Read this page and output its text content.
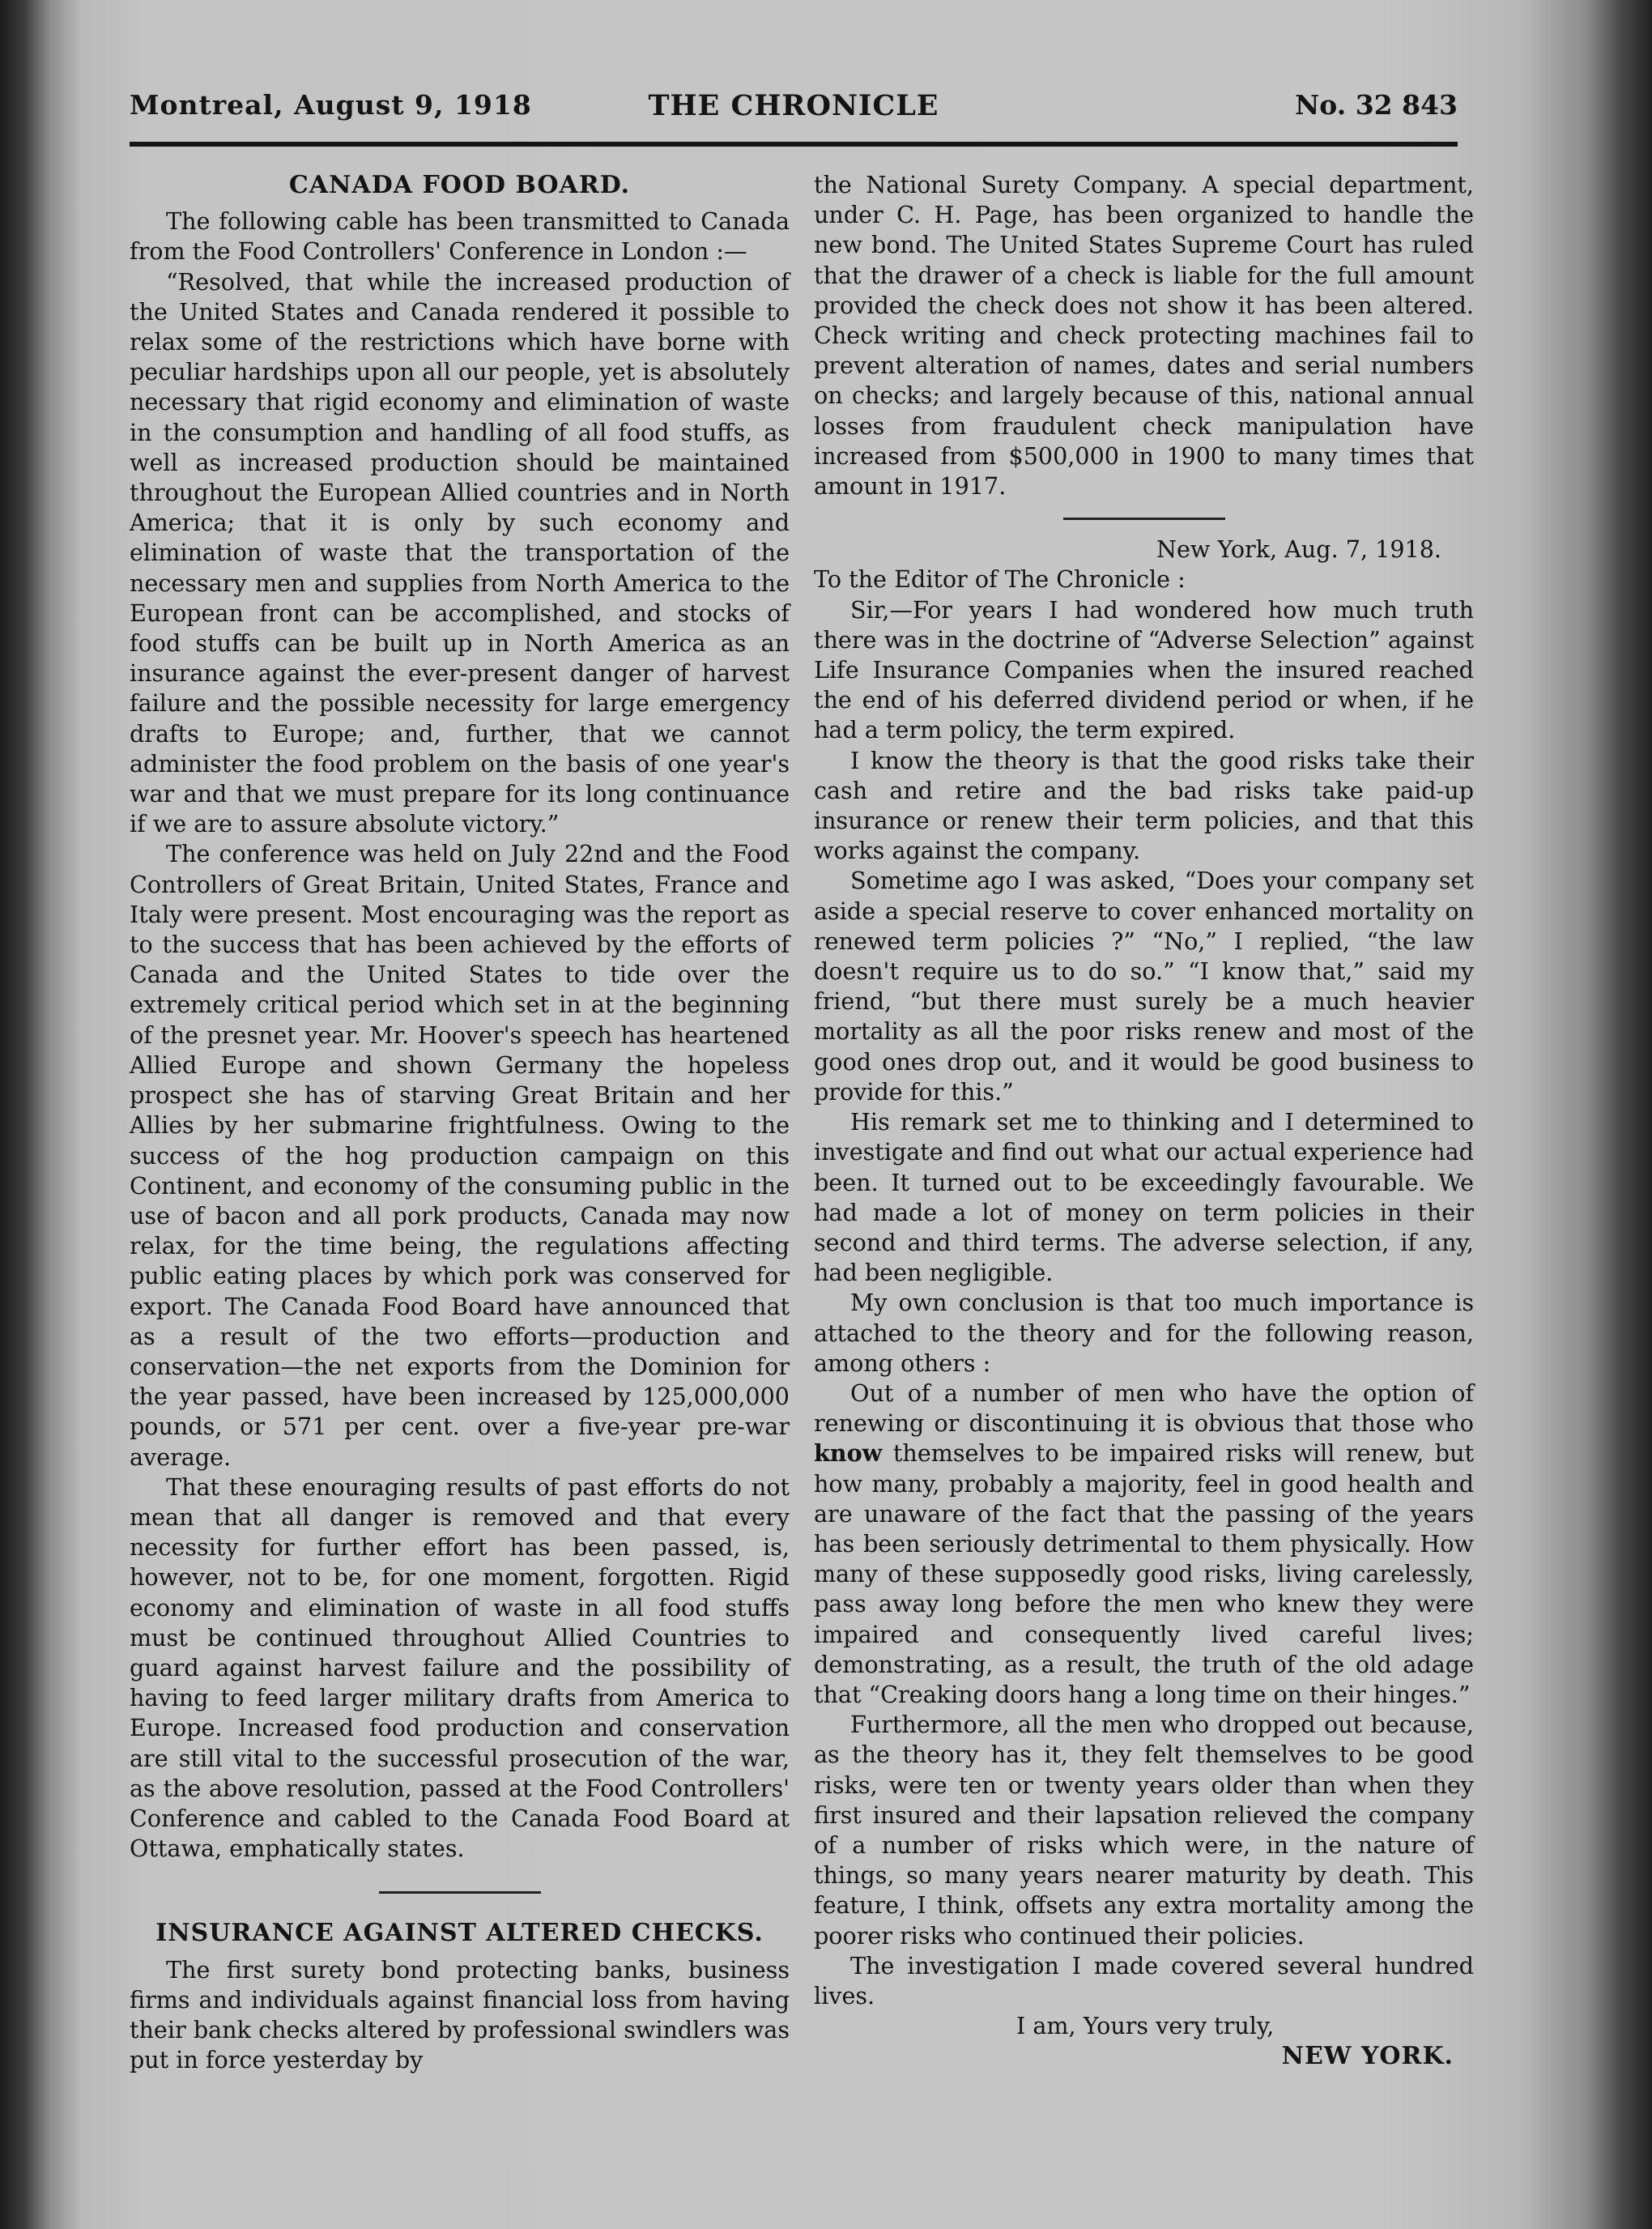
Montreal, August 9, 1918	THE CHRONICLE	No. 32 843
CANADA FOOD BOARD.

The following cable has been transmitted to Canada from the Food Controllers' Conference in London :—

“Resolved, that while the increased production of the United States and Canada rendered it possible to relax some of the restrictions which have borne with peculiar hardships upon all our people, yet is absolutely necessary that rigid economy and elimination of waste in the consumption and handling of all food stuffs, as well as increased production should be maintained throughout the European Allied countries and in North America; that it is only by such economy and elimination of waste that the transportation of the necessary men and supplies from North America to the European front can be accomplished, and stocks of food stuffs can be built up in North America as an insurance against the ever-present danger of harvest failure and the possible necessity for large emergency drafts to Europe; and, further, that we cannot administer the food problem on the basis of one year's war and that we must prepare for its long continuance if we are to assure absolute victory.”

The conference was held on July 22nd and the Food Controllers of Great Britain, United States, France and Italy were present. Most encouraging was the report as to the success that has been achieved by the efforts of Canada and the United States to tide over the extremely critical period which set in at the beginning of the presnet year. Mr. Hoover's speech has heartened Allied Europe and shown Germany the hopeless prospect she has of starving Great Britain and her Allies by her submarine frightfulness. Owing to the success of the hog production campaign on this Continent, and economy of the consuming public in the use of bacon and all pork products, Canada may now relax, for the time being, the regulations affecting public eating places by which pork was conserved for export. The Canada Food Board have announced that as a result of the two efforts—production and conservation—the net exports from the Dominion for the year passed, have been increased by 125,000,000 pounds, or 571 per cent. over a five-year pre-war average.

That these enouraging results of past efforts do not mean that all danger is removed and that every necessity for further effort has been passed, is, however, not to be, for one moment, forgotten. Rigid economy and elimination of waste in all food stuffs must be continued throughout Allied Countries to guard against harvest failure and the possibility of having to feed larger military drafts from America to Europe. Increased food production and conservation are still vital to the successful prosecution of the war, as the above resolution, passed at the Food Controllers' Conference and cabled to the Canada Food Board at Ottawa, emphatically states.

INSURANCE AGAINST ALTERED CHECKS.

The first surety bond protecting banks, business firms and individuals against financial loss from having their bank checks altered by professional swindlers was put in force yesterday by

the National Surety Company. A special department, under C. H. Page, has been organized to handle the new bond. The United States Supreme Court has ruled that the drawer of a check is liable for the full amount provided the check does not show it has been altered. Check writing and check protecting machines fail to prevent alteration of names, dates and serial numbers on checks; and largely because of this, national annual losses from fraudulent check manipulation have increased from $500,000 in 1900 to many times that amount in 1917.

New York, Aug. 7, 1918.

To the Editor of The Chronicle :

Sir,—For years I had wondered how much truth there was in the doctrine of “Adverse Selection” against Life Insurance Companies when the insured reached the end of his deferred dividend period or when, if he had a term policy, the term expired.

I know the theory is that the good risks take their cash and retire and the bad risks take paid-up insurance or renew their term policies, and that this works against the company.

Sometime ago I was asked, “Does your company set aside a special reserve to cover enhanced mortality on renewed term policies ?” “No,” I replied, “the law doesn't require us to do so.” “I know that,” said my friend, “but there must surely be a much heavier mortality as all the poor risks renew and most of the good ones drop out, and it would be good business to provide for this.”

His remark set me to thinking and I determined to investigate and find out what our actual experience had been. It turned out to be exceedingly favourable. We had made a lot of money on term policies in their second and third terms. The adverse selection, if any, had been negligible.

My own conclusion is that too much importance is attached to the theory and for the following reason, among others :

Out of a number of men who have the option of renewing or discontinuing it is obvious that those who know themselves to be impaired risks will renew, but how many, probably a majority, feel in good health and are unaware of the fact that the passing of the years has been seriously detrimental to them physically. How many of these supposedly good risks, living carelessly, pass away long before the men who knew they were impaired and consequently lived careful lives; demonstrating, as a result, the truth of the old adage that “Creaking doors hang a long time on their hinges.”

Furthermore, all the men who dropped out because, as the theory has it, they felt themselves to be good risks, were ten or twenty years older than when they first insured and their lapsation relieved the company of a number of risks which were, in the nature of things, so many years nearer maturity by death. This feature, I think, offsets any extra mortality among the poorer risks who continued their policies.

The investigation I made covered several hundred lives.

I am, Yours very truly,

NEW YORK.
